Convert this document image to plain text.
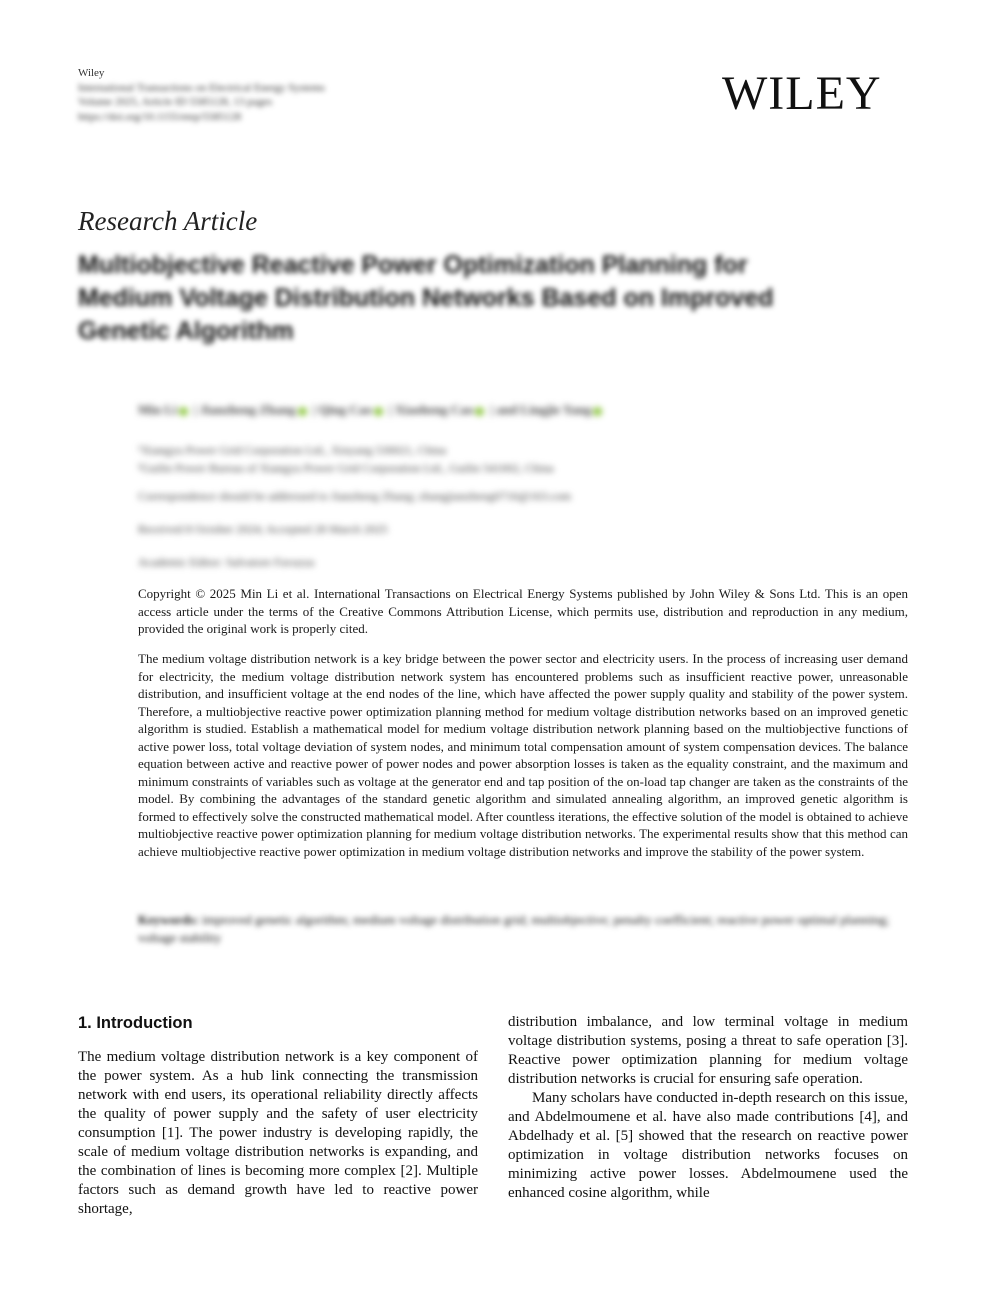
Wiley
International Transactions on Electrical Energy Systems
Volume 2025, Article ID 5585128, 13 pages
https://doi.org/10.1155/etep/5585128	WILEY
Research Article
Multiobjective Reactive Power Optimization Planning for
Medium Voltage Distribution Networks Based on Improved
Genetic Algorithm
Min Li | Jianzheng Zhang | Qing Cao | Xiaoheng Cao | and Lingjie Yang
¹Xiangyu Power Grid Corporation Ltd., Xinyang 530021, China
²Guilin Power Bureau of Xiangyu Power Grid Corporation Ltd., Guilin 541002, China
Correspondence should be addressed to Jianzheng Zhang; zhangjianzheng0716@163.com
Received 8 October 2024; Accepted 28 March 2025
Academic Editor: Salvatore Favuzza
Copyright © 2025 Min Li et al. International Transactions on Electrical Energy Systems published by John Wiley & Sons Ltd. This is an open access article under the terms of the Creative Commons Attribution License, which permits use, distribution and reproduction in any medium, provided the original work is properly cited.
The medium voltage distribution network is a key bridge between the power sector and electricity users. In the process of increasing user demand for electricity, the medium voltage distribution network system has encountered problems such as insufficient reactive power, unreasonable distribution, and insufficient voltage at the end nodes of the line, which have affected the power supply quality and stability of the power system. Therefore, a multiobjective reactive power optimization planning method for medium voltage distribution networks based on an improved genetic algorithm is studied. Establish a mathematical model for medium voltage distribution network planning based on the multiobjective functions of active power loss, total voltage deviation of system nodes, and minimum total compensation amount of system compensation devices. The balance equation between active and reactive power of power nodes and power absorption losses is taken as the equality constraint, and the maximum and minimum constraints of variables such as voltage at the generator end and tap position of the on-load tap changer are taken as the constraints of the model. By combining the advantages of the standard genetic algorithm and simulated annealing algorithm, an improved genetic algorithm is formed to effectively solve the constructed mathematical model. After countless iterations, the effective solution of the model is obtained to achieve multiobjective reactive power optimization planning for medium voltage distribution networks. The experimental results show that this method can achieve multiobjective reactive power optimization in medium voltage distribution networks and improve the stability of the power system.
Keywords: improved genetic algorithm; medium voltage distribution grid; multiobjective; penalty coefficient; reactive power optimal planning; voltage stability
1. Introduction

The medium voltage distribution network is a key component of the power system. As a hub link connecting the transmission network with end users, its operational reliability directly affects the quality of power supply and the safety of user electricity consumption [1]. The power industry is developing rapidly, the scale of medium voltage distribution networks is expanding, and the combination of lines is becoming more complex [2]. Multiple factors such as demand growth have led to reactive power shortage,

distribution imbalance, and low terminal voltage in medium voltage distribution systems, posing a threat to safe operation [3]. Reactive power optimization planning for medium voltage distribution networks is crucial for ensuring safe operation.

Many scholars have conducted in-depth research on this issue, and Abdelmoumene et al. have also made contributions [4], and Abdelhady et al. [5] showed that the research on reactive power optimization in voltage distribution networks focuses on minimizing active power losses. Abdelmoumene used the enhanced cosine algorithm, while
